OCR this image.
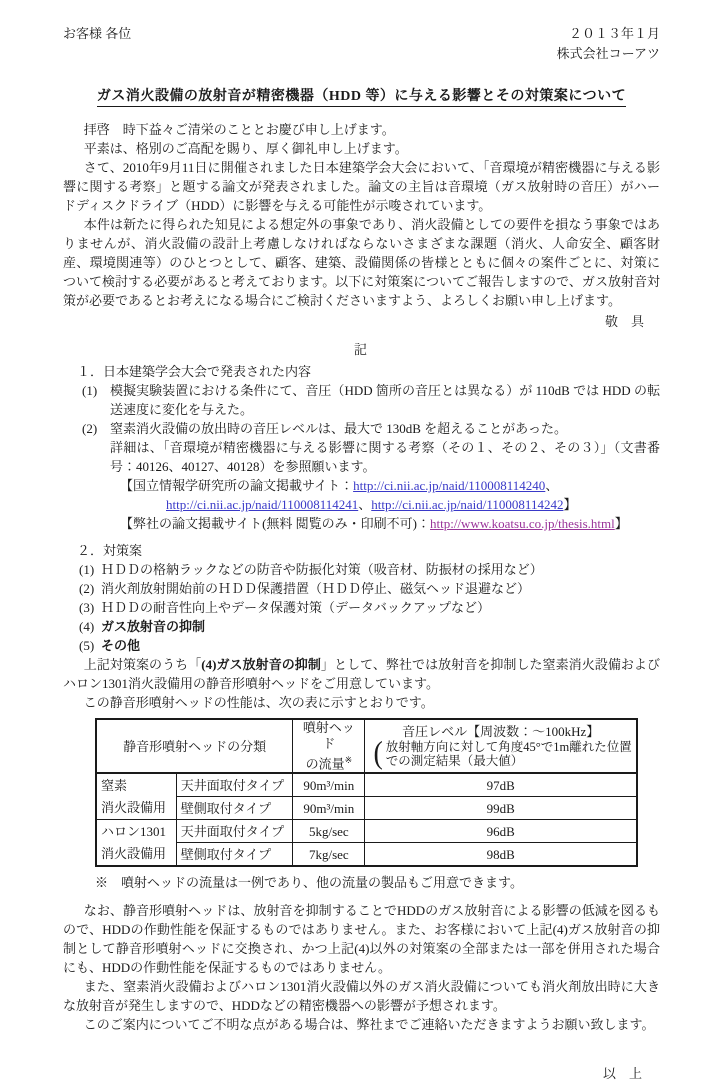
お客様 各位	２０１３年１月
株式会社コーアツ
ガス消火設備の放射音が精密機器（HDD 等）に与える影響とその対策案について

拝啓　時下益々ご清栄のこととお慶び申し上げます。

平素は、格別のご高配を賜り、厚く御礼申し上げます。

さて、2010年9月11日に開催されました日本建築学会大会において、「音環境が精密機器に与える影響に関する考察」と題する論文が発表されました。論文の主旨は音環境（ガス放射時の音圧）がハードディスクドライブ（HDD）に影響を与える可能性が示唆されています。

本件は新たに得られた知見による想定外の事象であり、消火設備としての要件を損なう事象ではありませんが、消火設備の設計上考慮しなければならないさまざまな課題（消火、人命安全、顧客財産、環境関連等）のひとつとして、顧客、建築、設備関係の皆様とともに個々の案件ごとに、対策について検討する必要があると考えております。以下に対策案についてご報告しますので、ガス放射音対策が必要であるとお考えになる場合にご検討くださいますよう、よろしくお願い申し上げます。

敬　具
記
１．日本建築学会大会で発表された内容
(1) 模擬実験装置における条件にて、音圧（HDD 箇所の音圧とは異なる）が 110dB では HDD の転送速度に変化を与えた。
(2) 窒素消火設備の放出時の音圧レベルは、最大で 130dB を超えることがあった。

詳細は、「音環境が精密機器に与える影響に関する考察（その１、その２、その３）」（文書番号：40126、40127、40128）を参照願います。

【国立情報学研究所の論文掲載サイト：http://ci.nii.ac.jp/naid/110008114240、
http://ci.nii.ac.jp/naid/110008114241、http://ci.nii.ac.jp/naid/110008114242】
【弊社の論文掲載サイト(無料 閲覧のみ・印刷不可)：http://www.koatsu.co.jp/thesis.html】
２．対策案
(1) ＨＤＤの格納ラックなどの防音や防振化対策（吸音材、防振材の採用など）
(2) 消火剤放射開始前のＨＤＤ保護措置（ＨＤＤ停止、磁気ヘッド退避など）
(3) ＨＤＤの耐音性向上やデータ保護対策（データバックアップなど）
(4) ガス放射音の抑制
(5) その他

上記対策案のうち「(4)ガス放射音の抑制」として、弊社では放射音を抑制した窒素消火設備およびハロン1301消火設備用の静音形噴射ヘッドをご用意しています。

この静音形噴射ヘッドの性能は、次の表に示すとおりです。

静音形噴射ヘッドの分類	噴射ヘッド
の流量※	
音圧レベル【周波数：～100kHz】
( 放射軸方向に対して角度45°で1m離れた位置
での測定結果（最大値）

窒素
消火設備用	天井面取付タイプ	90m³/min	97dB
	壁側取付タイプ	90m³/min	99dB

ハロン1301
消火設備用	天井面取付タイプ	5kg/sec	96dB
	壁側取付タイプ	7kg/sec	98dB

※　噴射ヘッドの流量は一例であり、他の流量の製品もご用意できます。

なお、静音形噴射ヘッドは、放射音を抑制することでHDDのガス放射音による影響の低減を図るもので、HDDの作動性能を保証するものではありません。また、お客様において上記(4)ガス放射音の抑制として静音形噴射ヘッドに交換され、かつ上記(4)以外の対策案の全部または一部を併用された場合にも、HDDの作動性能を保証するものではありません。

また、窒素消火設備およびハロン1301消火設備以外のガス消火設備についても消火剤放出時に大きな放射音が発生しますので、HDDなどの精密機器への影響が予想されます。

このご案内についてご不明な点がある場合は、弊社までご連絡いただきますようお願い致します。

以　上
